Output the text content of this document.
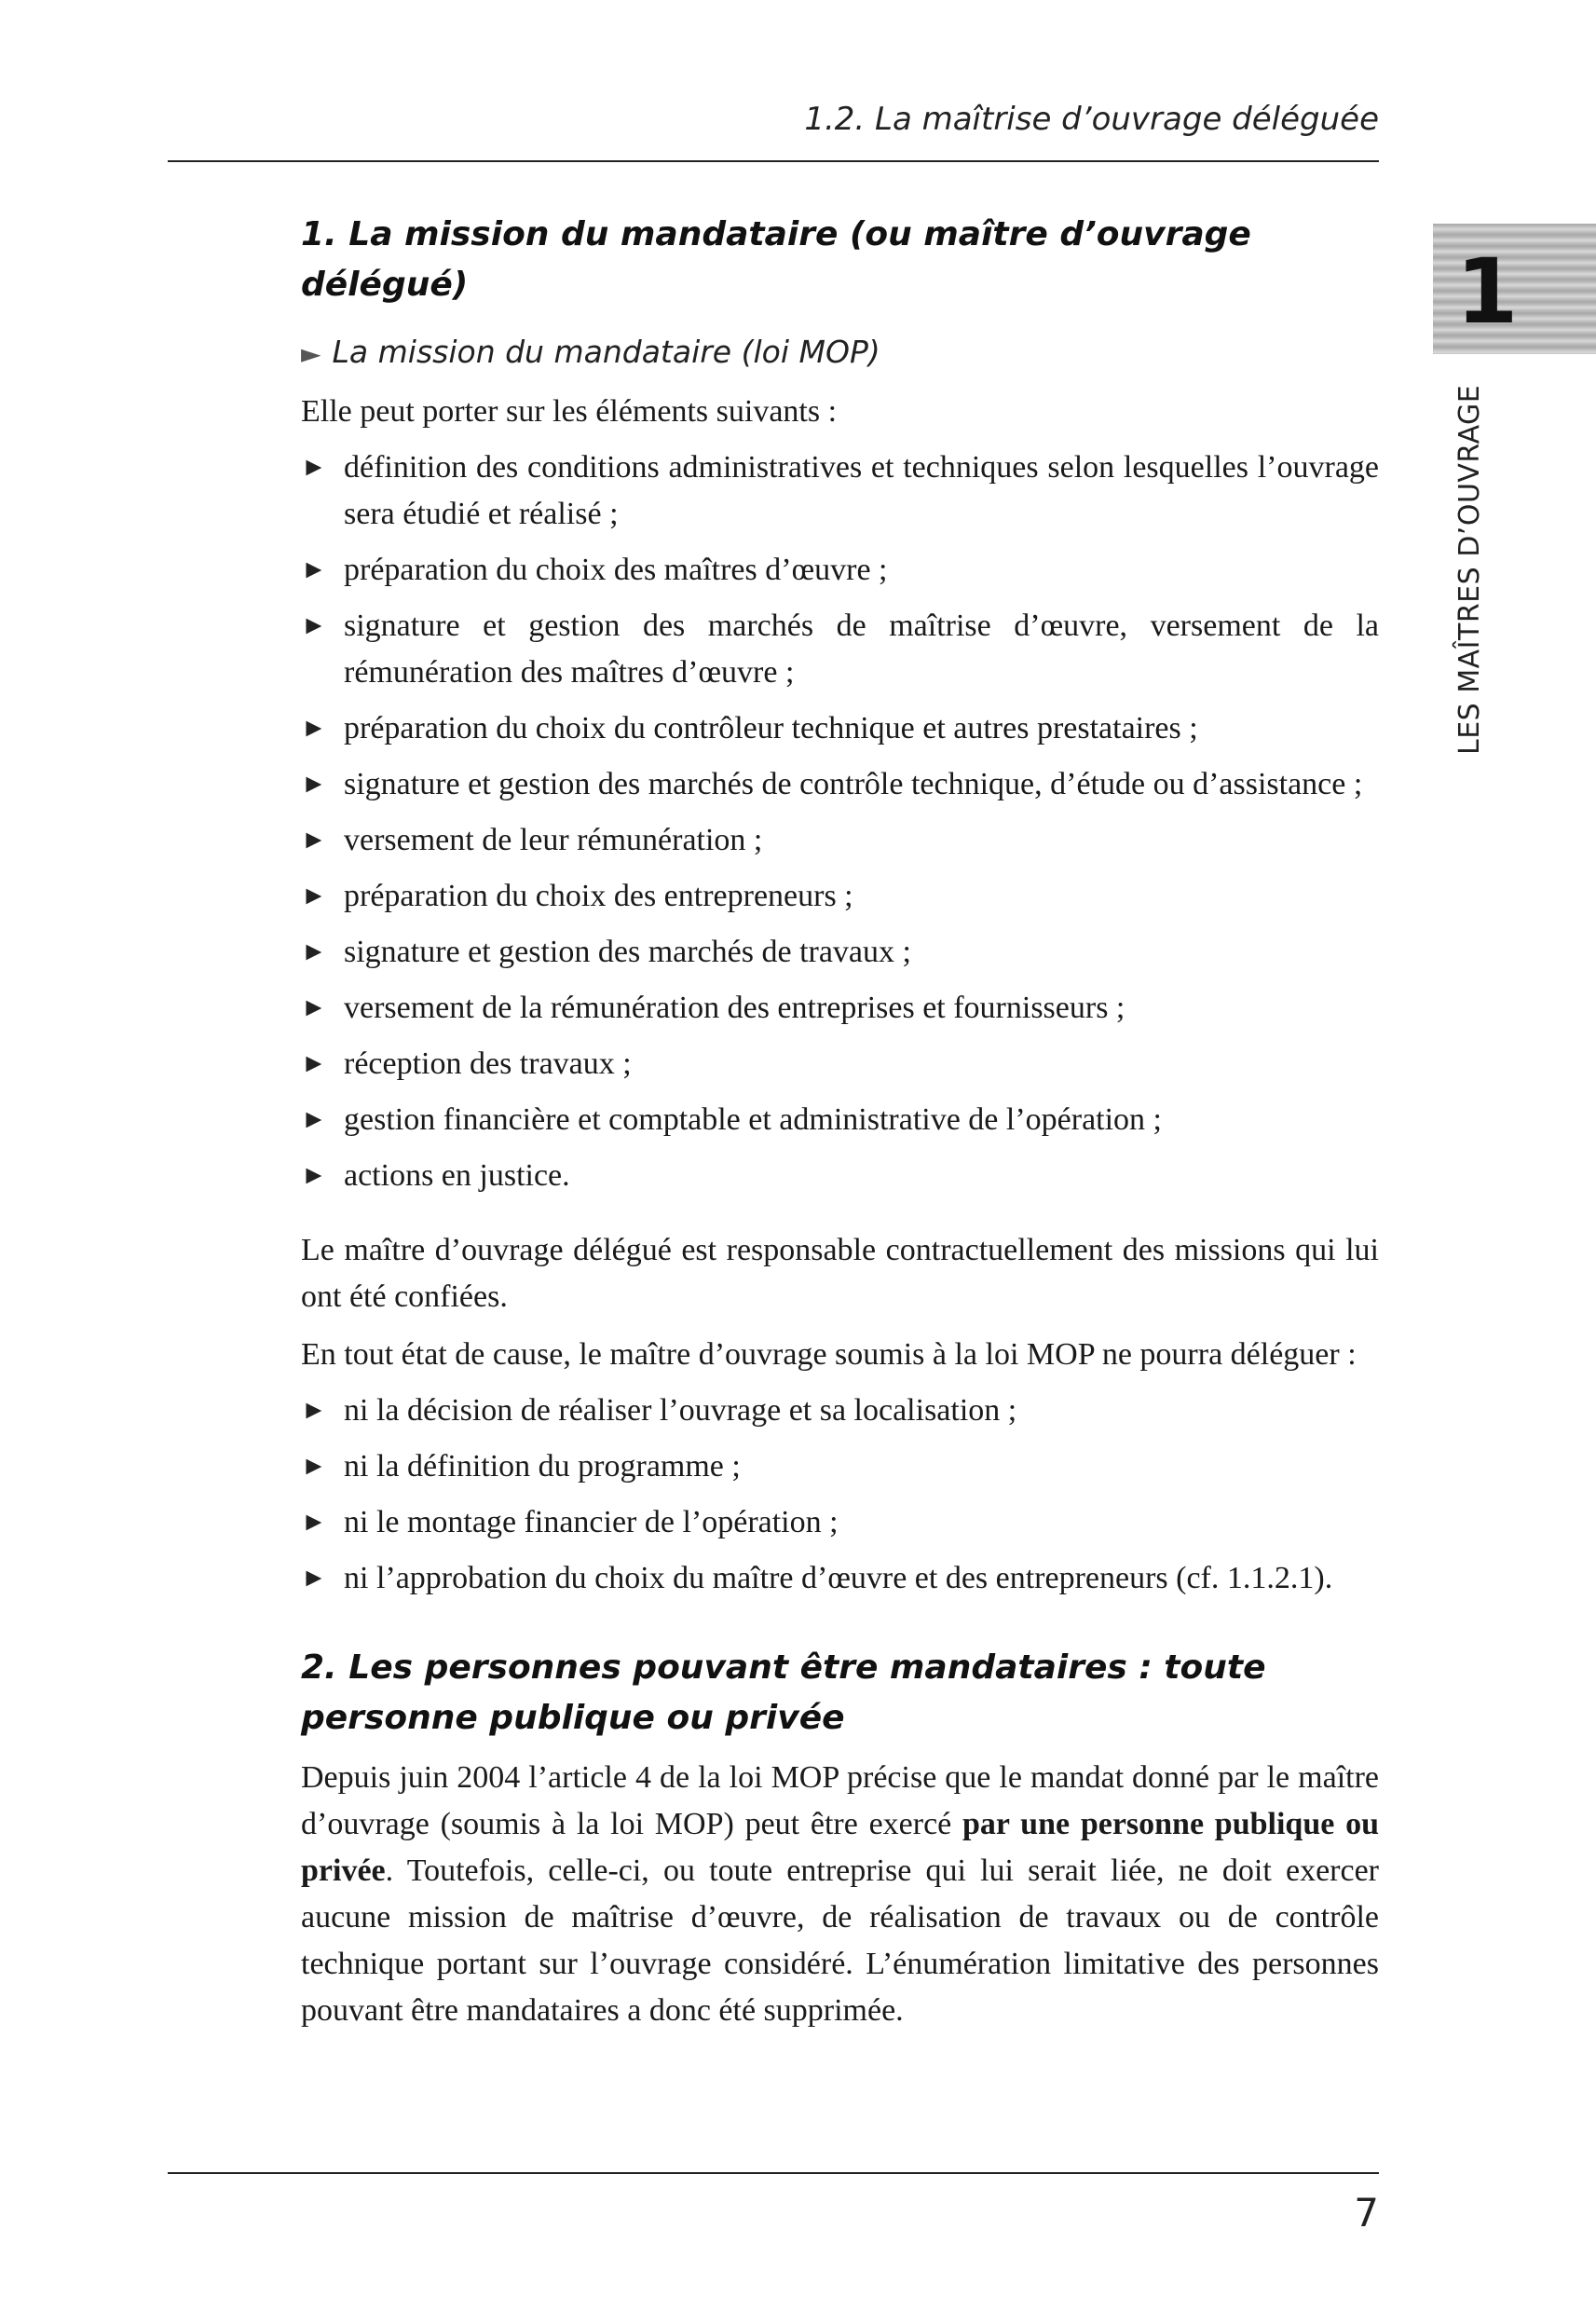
1.2. La maîtrise d’ouvrage déléguée
1
LES MAÎTRES D’OUVRAGE
1. La mission du mandataire (ou maître d’ouvrage délégué)
► La mission du mandataire (loi MOP)

Elle peut porter sur les éléments suivants :

► définition des conditions administratives et techniques selon lesquelles l’ouvrage sera étudié et réalisé ;
► préparation du choix des maîtres d’œuvre ;
► signature et gestion des marchés de maîtrise d’œuvre, versement de la rémunération des maîtres d’œuvre ;
► préparation du choix du contrôleur technique et autres prestataires ;
► signature et gestion des marchés de contrôle technique, d’étude ou d’assistance ;
► versement de leur rémunération ;
► préparation du choix des entrepreneurs ;
► signature et gestion des marchés de travaux ;
► versement de la rémunération des entreprises et fournisseurs ;
► réception des travaux ;
► gestion financière et comptable et administrative de l’opération ;
► actions en justice.

Le maître d’ouvrage délégué est responsable contractuellement des missions qui lui ont été confiées.

En tout état de cause, le maître d’ouvrage soumis à la loi MOP ne pourra déléguer :

► ni la décision de réaliser l’ouvrage et sa localisation ;
► ni la définition du programme ;
► ni le montage financier de l’opération ;
► ni l’approbation du choix du maître d’œuvre et des entrepreneurs (cf. 1.1.2.1).
2. Les personnes pouvant être mandataires : toute personne publique ou privée

Depuis juin 2004 l’article 4 de la loi MOP précise que le mandat donné par le maître d’ouvrage (soumis à la loi MOP) peut être exercé par une personne publique ou privée. Toutefois, celle-ci, ou toute entreprise qui lui serait liée, ne doit exercer aucune mission de maîtrise d’œuvre, de réalisation de travaux ou de contrôle technique portant sur l’ouvrage considéré. L’énumération limitative des personnes pouvant être mandataires a donc été supprimée.

7
